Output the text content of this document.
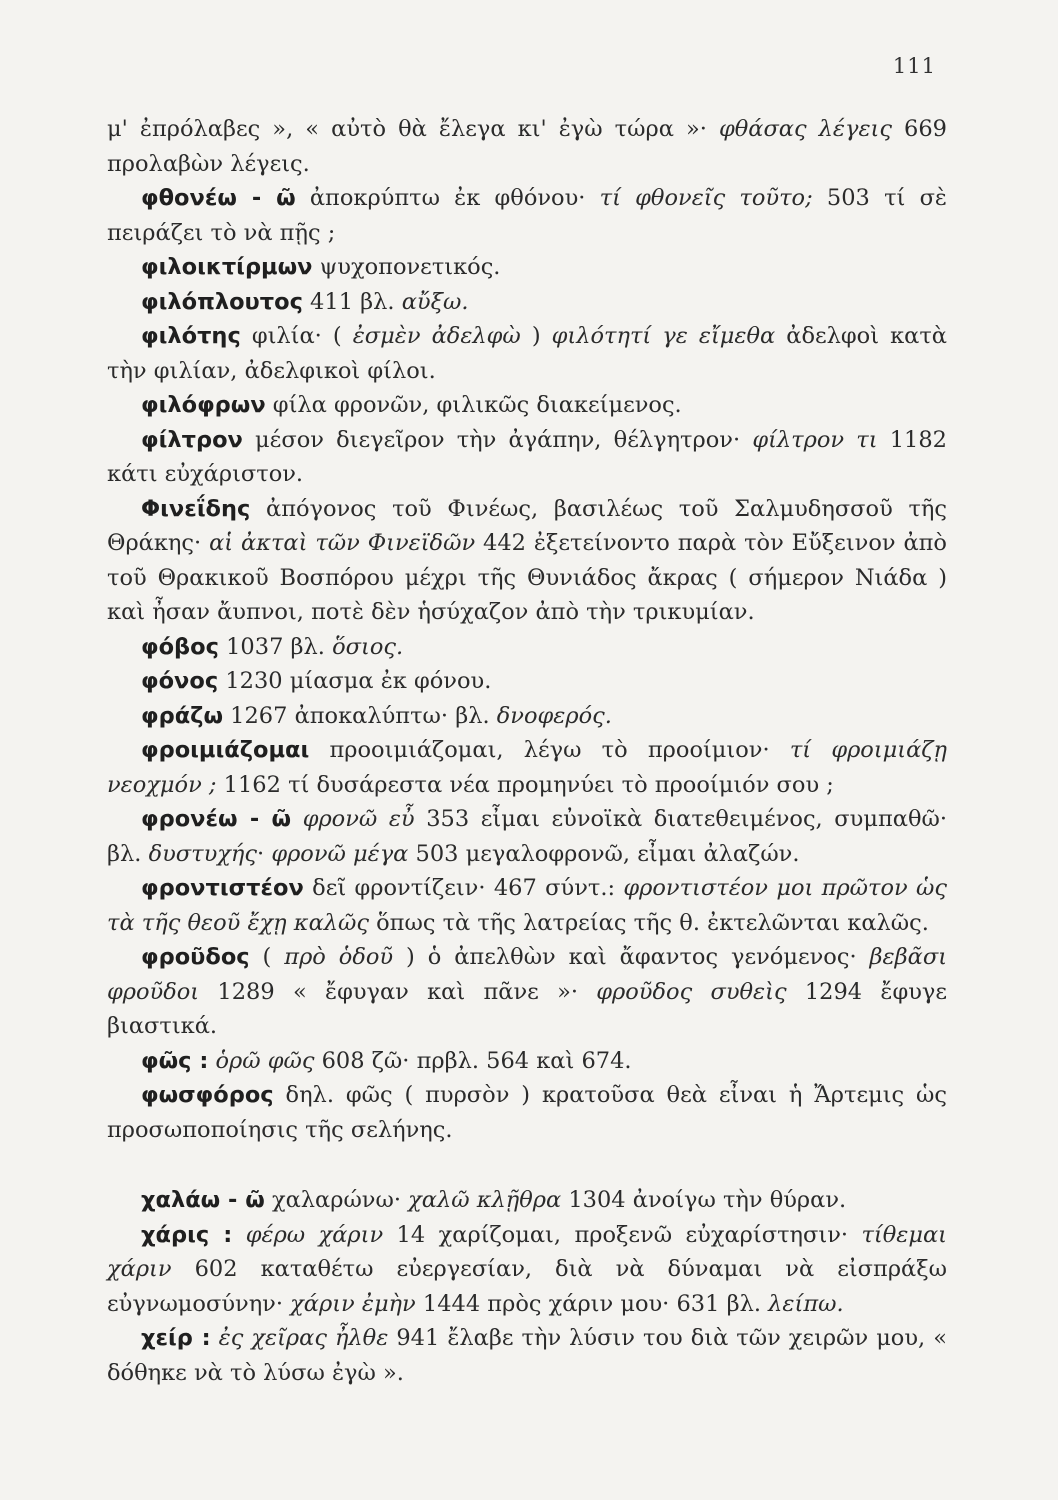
111

μ' ἐπρόλαβες », « αὐτὸ θὰ ἔλεγα κι' ἐγὼ τώρα »· φθάσας λέγεις 669 προλαβὼν λέγεις.

φθονέω - ῶ ἀποκρύπτω ἐκ φθόνου· τί φθονεῖς τοῦτο; 503 τί σὲ πειράζει τὸ νὰ πῇς ;

φιλοικτίρμων ψυχοπονετικός.

φιλόπλουτος 411 βλ. αὔξω.

φιλότης φιλία· ( ἐσμὲν ἀδελφὼ ) φιλότητί γε εἴμεθα ἀδελφοὶ κατὰ τὴν φιλίαν, ἀδελφικοὶ φίλοι.

φιλόφρων φίλα φρονῶν, φιλικῶς διακείμενος.

φίλτρον μέσον διεγεῖρον τὴν ἀγάπην, θέλγητρον· φίλτρον τι 1182 κάτι εὐχάριστον.

Φινεΐδης ἀπόγονος τοῦ Φινέως, βασιλέως τοῦ Σαλμυδησσοῦ τῆς Θράκης· αἱ ἀκταὶ τῶν Φινεϊδῶν 442 ἐξετείνοντο παρὰ τὸν Εὔξεινον ἀπὸ τοῦ Θρακικοῦ Βοσπόρου μέχρι τῆς Θυνιάδος ἄκρας ( σήμερον Νιάδα ) καὶ ἦσαν ἄυπνοι, ποτὲ δὲν ἡσύχαζον ἀπὸ τὴν τρικυμίαν.

φόβος 1037 βλ. ὅσιος.

φόνος 1230 μίασμα ἐκ φόνου.

φράζω 1267 ἀποκαλύπτω· βλ. δνοφερός.

φροιμιάζομαι προοιμιάζομαι, λέγω τὸ προοίμιον· τί φροιμιάζῃ νεοχμόν ; 1162 τί δυσάρεστα νέα προμηνύει τὸ προοίμιόν σου ;

φρονέω - ῶ φρονῶ εὖ 353 εἶμαι εὐνοϊκὰ διατεθειμένος, συμπαθῶ· βλ. δυστυχής· φρονῶ μέγα 503 μεγαλοφρονῶ, εἶμαι ἀλαζών.

φροντιστέον δεῖ φροντίζειν· 467 σύντ.: φροντιστέον μοι πρῶτον ὡς τὰ τῆς θεοῦ ἔχῃ καλῶς ὅπως τὰ τῆς λατρείας τῆς θ. ἐκτελῶνται καλῶς.

φροῦδος ( πρὸ ὁδοῦ ) ὁ ἀπελθὼν καὶ ἄφαντος γενόμενος· βεβᾶσι φροῦδοι 1289 « ἔφυγαν καὶ πᾶνε »· φροῦδος συθεὶς 1294 ἔφυγε βιαστικά.

φῶς : ὁρῶ φῶς 608 ζῶ· πρβλ. 564 καὶ 674.

φωσφόρος δηλ. φῶς ( πυρσὸν ) κρατοῦσα θεὰ εἶναι ἡ Ἄρτεμις ὡς προσωποποίησις τῆς σελήνης.

χαλάω - ῶ χαλαρώνω· χαλῶ κλῇθρα 1304 ἀνοίγω τὴν θύραν.

χάρις : φέρω χάριν 14 χαρίζομαι, προξενῶ εὐχαρίστησιν· τίθεμαι χάριν 602 καταθέτω εὐεργεσίαν, διὰ νὰ δύναμαι νὰ εἰσπράξω εὐγνωμοσύνην· χάριν ἐμὴν 1444 πρὸς χάριν μου· 631 βλ. λείπω.

χείρ : ἐς χεῖρας ἦλθε 941 ἔλαβε τὴν λύσιν του διὰ τῶν χειρῶν μου, « δόθηκε νὰ τὸ λύσω ἐγὼ ».
